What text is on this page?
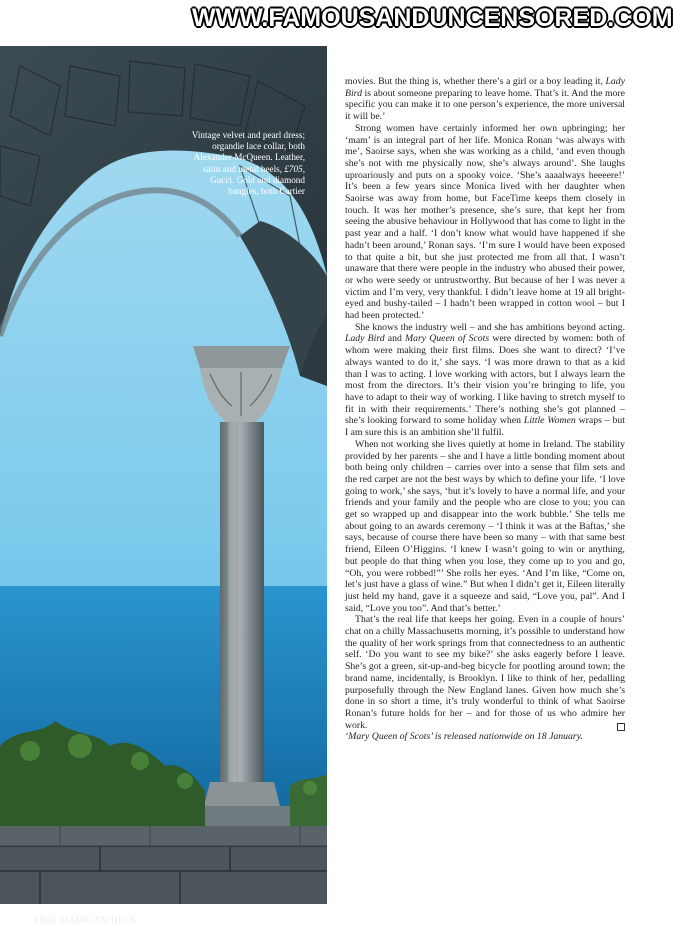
WWW.FAMOUSANDUNCENSORED.COM
Vintage velvet and pearl dress; organdie lace collar, both Alexander McQueen. Leather, satin and metal heels, £705, Gucci. Gold and diamond bangles, both Cartier
ERIK MADIGAN HECK

movies. But the thing is, whether there’s a girl or a boy leading it, Lady Bird is about someone preparing to leave home. That’s it. And the more specific you can make it to one person’s experience, the more universal it will be.’

Strong women have certainly informed her own upbringing; her ‘mam’ is an integral part of her life. Monica Ronan ‘was always with me’, Saoirse says, when she was working as a child, ‘and even though she’s not with me physically now, she’s always around’. She laughs uproariously and puts on a spooky voice. ‘She’s aaaalways heeeere!’ It’s been a few years since Monica lived with her daughter when Saoirse was away from home, but FaceTime keeps them closely in touch. It was her mother’s presence, she’s sure, that kept her from seeing the abusive behaviour in Hollywood that has come to light in the past year and a half. ‘I don’t know what would have happened if she hadn’t been around,’ Ronan says. ‘I’m sure I would have been exposed to that quite a bit, but she just protected me from all that. I wasn’t unaware that there were people in the industry who abused their power, or who were seedy or untrustworthy. But because of her I was never a victim and I’m very, very thankful. I didn’t leave home at 19 all bright-eyed and bushy-tailed – I hadn’t been wrapped in cotton wool – but I had been protected.’

She knows the industry well – and she has ambitions beyond acting. Lady Bird and Mary Queen of Scots were directed by women: both of whom were making their first films. Does she want to direct? ‘I’ve always wanted to do it,’ she says. ‘I was more drawn to that as a kid than I was to acting. I love working with actors, but I always learn the most from the directors. It’s their vision you’re bringing to life, you have to adapt to their way of working. I like having to stretch myself to fit in with their requirements.’ There’s nothing she’s got planned – she’s looking forward to some holiday when Little Women wraps – but I am sure this is an ambition she’ll fulfil.

When not working she lives quietly at home in Ireland. The stability provided by her parents – she and I have a little bonding moment about both being only children – carries over into a sense that film sets and the red carpet are not the best ways by which to define your life. ‘I love going to work,’ she says, ‘but it’s lovely to have a normal life, and your friends and your family and the people who are close to you; you can get so wrapped up and disappear into the work bubble.’ She tells me about going to an awards ceremony – ‘I think it was at the Baftas,’ she says, because of course there have been so many – with that same best friend, Eileen O’Higgins. ‘I knew I wasn’t going to win or anything, but people do that thing when you lose, they come up to you and go, “Oh, you were robbed!”’ She rolls her eyes. ‘And I’m like, “Come on, let’s just have a glass of wine.” But when I didn’t get it, Eileen literally just held my hand, gave it a squeeze and said, “Love you, pal”. And I said, “Love you too”. And that’s better.’

That’s the real life that keeps her going. Even in a couple of hours’ chat on a chilly Massachusetts morning, it’s possible to understand how the quality of her work springs from that connectedness to an authentic self. ‘Do you want to see my bike?’ she asks eagerly before I leave. She’s got a green, sit-up-and-beg bicycle for pootling around town; the brand name, incidentally, is Brooklyn. I like to think of her, pedalling purposefully through the New England lanes. Given how much she’s done in so short a time, it’s truly wonderful to think of what Saoirse Ronan’s future holds for her – and for those of us who admire her work.

‘Mary Queen of Scots’ is released nationwide on 18 January.
